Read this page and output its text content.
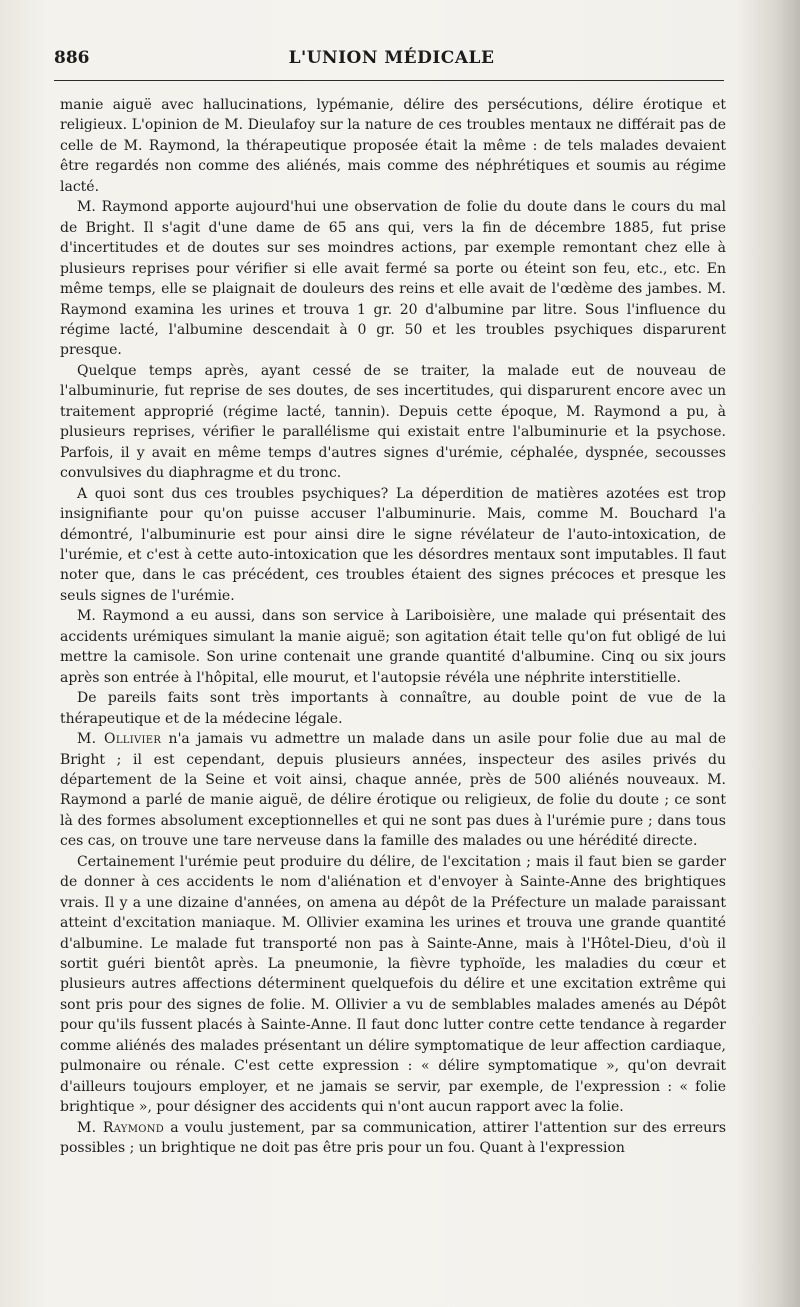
886	L'UNION MÉDICALE

manie aiguë avec hallucinations, lypémanie, délire des persécutions, délire érotique et religieux. L'opinion de M. Dieulafoy sur la nature de ces troubles mentaux ne différait pas de celle de M. Raymond, la thérapeutique proposée était la même : de tels malades devaient être regardés non comme des aliénés, mais comme des néphrétiques et soumis au régime lacté.

M. Raymond apporte aujourd'hui une observation de folie du doute dans le cours du mal de Bright. Il s'agit d'une dame de 65 ans qui, vers la fin de décembre 1885, fut prise d'incertitudes et de doutes sur ses moindres actions, par exemple remontant chez elle à plusieurs reprises pour vérifier si elle avait fermé sa porte ou éteint son feu, etc., etc. En même temps, elle se plaignait de douleurs des reins et elle avait de l'œdème des jambes. M. Raymond examina les urines et trouva 1 gr. 20 d'albumine par litre. Sous l'influence du régime lacté, l'albumine descendait à 0 gr. 50 et les troubles psychiques disparurent presque.

Quelque temps après, ayant cessé de se traiter, la malade eut de nouveau de l'albuminurie, fut reprise de ses doutes, de ses incertitudes, qui disparurent encore avec un traitement approprié (régime lacté, tannin). Depuis cette époque, M. Raymond a pu, à plusieurs reprises, vérifier le parallélisme qui existait entre l'albuminurie et la psychose. Parfois, il y avait en même temps d'autres signes d'urémie, céphalée, dyspnée, secousses convulsives du diaphragme et du tronc.

A quoi sont dus ces troubles psychiques? La déperdition de matières azotées est trop insignifiante pour qu'on puisse accuser l'albuminurie. Mais, comme M. Bouchard l'a démontré, l'albuminurie est pour ainsi dire le signe révélateur de l'auto-intoxication, de l'urémie, et c'est à cette auto-intoxication que les désordres mentaux sont imputables. Il faut noter que, dans le cas précédent, ces troubles étaient des signes précoces et presque les seuls signes de l'urémie.

M. Raymond a eu aussi, dans son service à Lariboisière, une malade qui présentait des accidents urémiques simulant la manie aiguë; son agitation était telle qu'on fut obligé de lui mettre la camisole. Son urine contenait une grande quantité d'albumine. Cinq ou six jours après son entrée à l'hôpital, elle mourut, et l'autopsie révéla une néphrite interstitielle.

De pareils faits sont très importants à connaître, au double point de vue de la thérapeutique et de la médecine légale.

M. Ollivier n'a jamais vu admettre un malade dans un asile pour folie due au mal de Bright ; il est cependant, depuis plusieurs années, inspecteur des asiles privés du département de la Seine et voit ainsi, chaque année, près de 500 aliénés nouveaux. M. Raymond a parlé de manie aiguë, de délire érotique ou religieux, de folie du doute ; ce sont là des formes absolument exceptionnelles et qui ne sont pas dues à l'urémie pure ; dans tous ces cas, on trouve une tare nerveuse dans la famille des malades ou une hérédité directe.

Certainement l'urémie peut produire du délire, de l'excitation ; mais il faut bien se garder de donner à ces accidents le nom d'aliénation et d'envoyer à Sainte-Anne des brightiques vrais. Il y a une dizaine d'années, on amena au dépôt de la Préfecture un malade paraissant atteint d'excitation maniaque. M. Ollivier examina les urines et trouva une grande quantité d'albumine. Le malade fut transporté non pas à Sainte-Anne, mais à l'Hôtel-Dieu, d'où il sortit guéri bientôt après. La pneumonie, la fièvre typhoïde, les maladies du cœur et plusieurs autres affections déterminent quelquefois du délire et une excitation extrême qui sont pris pour des signes de folie. M. Ollivier a vu de semblables malades amenés au Dépôt pour qu'ils fussent placés à Sainte-Anne. Il faut donc lutter contre cette tendance à regarder comme aliénés des malades présentant un délire symptomatique de leur affection cardiaque, pulmonaire ou rénale. C'est cette expression : « délire symptomatique », qu'on devrait d'ailleurs toujours employer, et ne jamais se servir, par exemple, de l'expression : « folie brightique », pour désigner des accidents qui n'ont aucun rapport avec la folie.

M. Raymond a voulu justement, par sa communication, attirer l'attention sur des erreurs possibles ; un brightique ne doit pas être pris pour un fou. Quant à l'expression
